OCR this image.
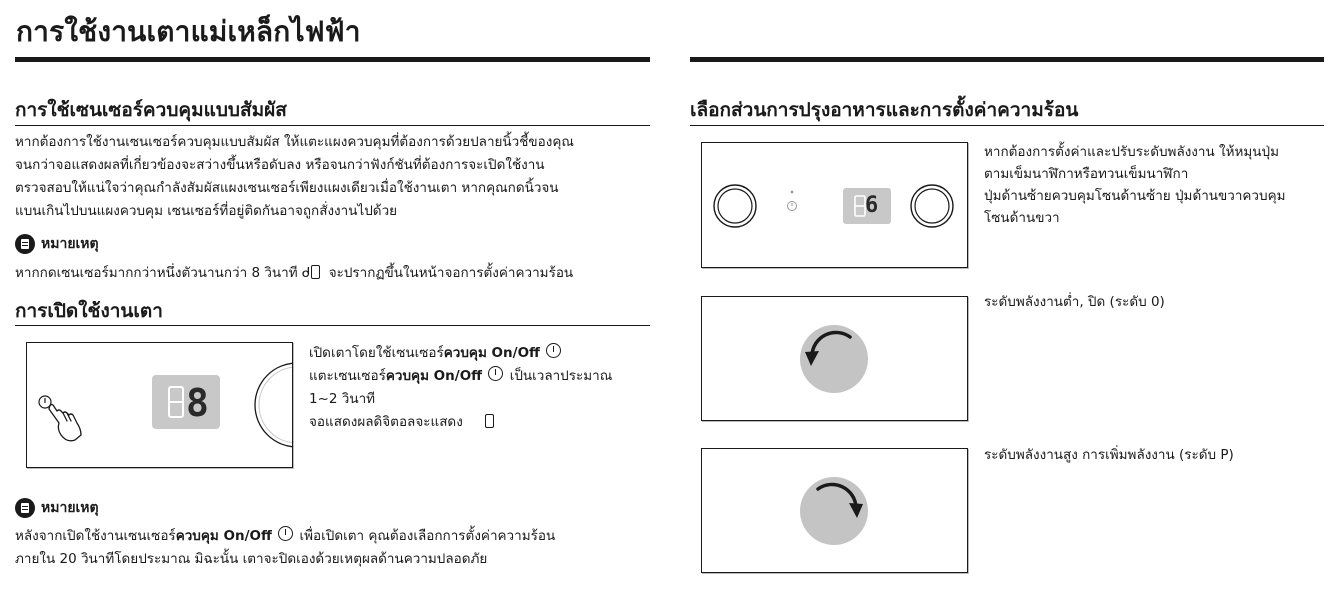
การใช้งานเตาแม่เหล็กไฟฟ้า
การใช้เซนเซอร์ควบคุมแบบสัมผัส
หากต้องการใช้งานเซนเซอร์ควบคุมแบบสัมผัส ให้แตะแผงควบคุมที่ต้องการด้วยปลายนิ้วชี้ของคุณ
จนกว่าจอแสดงผลที่เกี่ยวข้องจะสว่างขึ้นหรือดับลง หรือจนกว่าฟังก์ชันที่ต้องการจะเปิดใช้งาน
ตรวจสอบให้แน่ใจว่าคุณกำลังสัมผัสแผงเซนเซอร์เพียงแผงเดียวเมื่อใช้งานเตา หากคุณกดนิ้วจน
แบนเกินไปบนแผงควบคุม เซนเซอร์ที่อยู่ติดกันอาจถูกสั่งงานไปด้วย
หมายเหตุ
หากกดเซนเซอร์มากกว่าหนึ่งตัวนานกว่า 8 วินาที ᑯ จะปรากฏขึ้นในหน้าจอการตั้งค่าความร้อน
การเปิดใช้งานเตา
8
เปิดเตาโดยใช้เซนเซอร์ควบคุม On/Off
แตะเซนเซอร์ควบคุม On/Off เป็นเวลาประมาณ
1~2 วินาที
จอแสดงผลดิจิตอลจะแสดง
หมายเหตุ
หลังจากเปิดใช้งานเซนเซอร์ควบคุม On/Off เพื่อเปิดเตา คุณต้องเลือกการตั้งค่าความร้อน
ภายใน 20 วินาทีโดยประมาณ มิฉะนั้น เตาจะปิดเองด้วยเหตุผลด้านความปลอดภัย
เลือกส่วนการปรุงอาหารและการตั้งค่าความร้อน
6
หากต้องการตั้งค่าและปรับระดับพลังงาน ให้หมุนปุ่ม
ตามเข็มนาฬิกาหรือทวนเข็มนาฬิกา
ปุ่มด้านซ้ายควบคุมโซนด้านซ้าย ปุ่มด้านขวาควบคุม
โซนด้านขวา
ระดับพลังงานต่ำ, ปิด (ระดับ 0)
ระดับพลังงานสูง การเพิ่มพลังงาน (ระดับ P)
